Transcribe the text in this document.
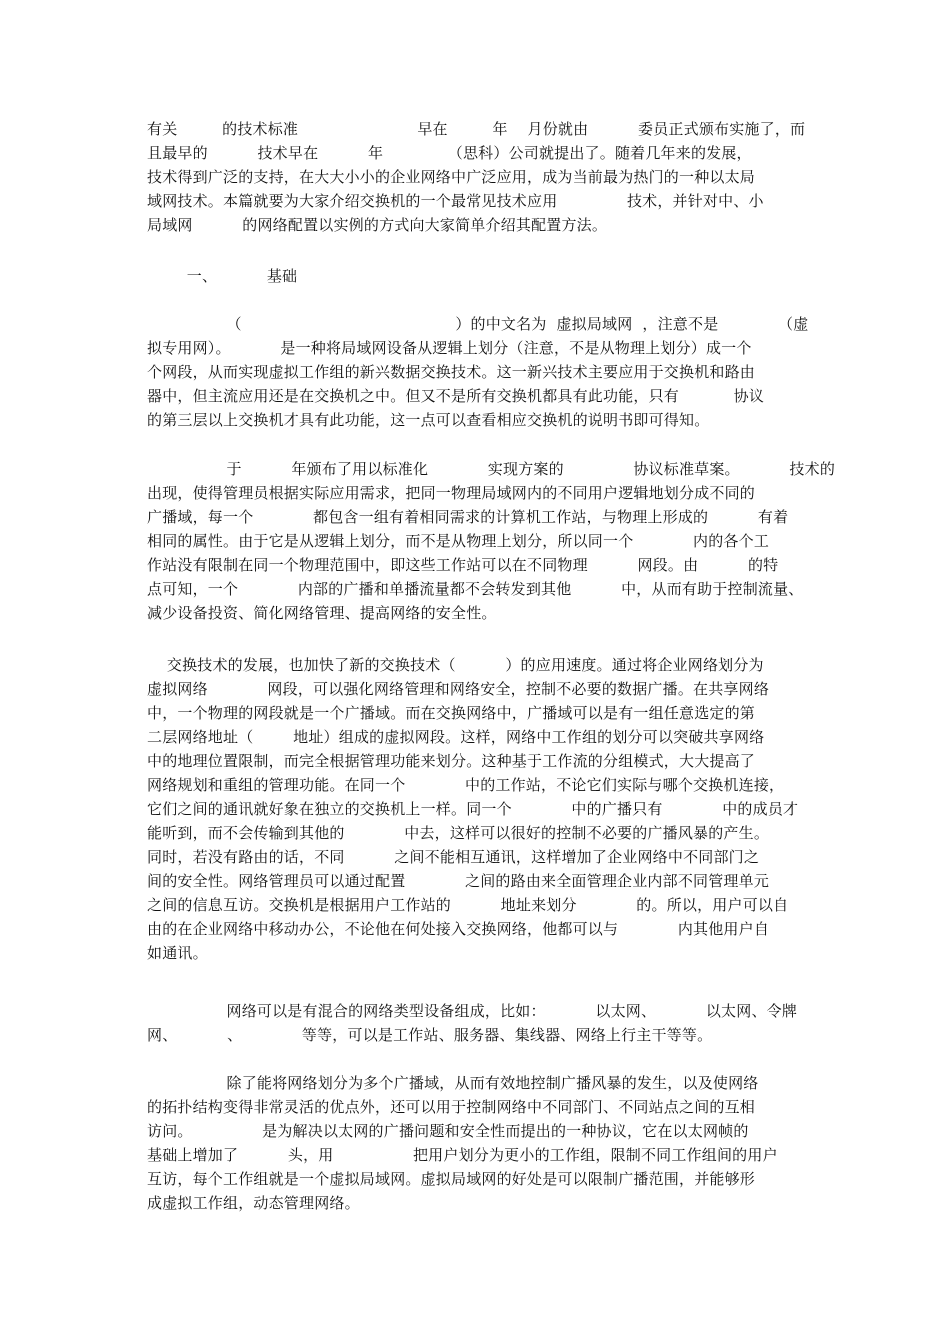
有关         的技术标准                        早在         年    月份就由          委员正式颁布实施了，而
且最早的          技术早在          年             （思科）公司就提出了。随着几年来的发展，
技术得到广泛的支持，在大大小小的企业网络中广泛应用，成为当前最为热门的一种以太局
域网技术。本篇就要为大家介绍交换机的一个最常见技术应用              技术，并针对中、小
局域网          的网络配置以实例的方式向大家简单介绍其配置方法。
一、          基础
（                                           ）的中文名为  虚拟局域网  ，注意不是            （虚
拟专用网）。          是一种将局域网设备从逻辑上划分（注意，不是从物理上划分）成一个
个网段，从而实现虚拟工作组的新兴数据交换技术。这一新兴技术主要应用于交换机和路由
器中，但主流应用还是在交换机之中。但又不是所有交换机都具有此功能，只有           协议
的第三层以上交换机才具有此功能，这一点可以查看相应交换机的说明书即可得知。
于          年颁布了用以标准化            实现方案的              协议标准草案。          技术的
出现，使得管理员根据实际应用需求，把同一物理局域网内的不同用户逻辑地划分成不同的
广播域，每一个            都包含一组有着相同需求的计算机工作站，与物理上形成的          有着
相同的属性。由于它是从逻辑上划分，而不是从物理上划分，所以同一个            内的各个工
作站没有限制在同一个物理范围中，即这些工作站可以在不同物理          网段。由          的特
点可知，一个            内部的广播和单播流量都不会转发到其他          中，从而有助于控制流量、
减少设备投资、简化网络管理、提高网络的安全性。
交换技术的发展，也加快了新的交换技术（          ）的应用速度。通过将企业网络划分为
虚拟网络            网段，可以强化网络管理和网络安全，控制不必要的数据广播。在共享网络
中，一个物理的网段就是一个广播域。而在交换网络中，广播域可以是有一组任意选定的第
二层网络地址（        地址）组成的虚拟网段。这样，网络中工作组的划分可以突破共享网络
中的地理位置限制，而完全根据管理功能来划分。这种基于工作流的分组模式，大大提高了
网络规划和重组的管理功能。在同一个            中的工作站，不论它们实际与哪个交换机连接，
它们之间的通讯就好象在独立的交换机上一样。同一个            中的广播只有            中的成员才
能听到，而不会传输到其他的            中去，这样可以很好的控制不必要的广播风暴的产生。
同时，若没有路由的话，不同          之间不能相互通讯，这样增加了企业网络中不同部门之
间的安全性。网络管理员可以通过配置            之间的路由来全面管理企业内部不同管理单元
之间的信息互访。交换机是根据用户工作站的          地址来划分            的。所以，用户可以自
由的在企业网络中移动办公，不论他在何处接入交换网络，他都可以与            内其他用户自
如通讯。
网络可以是有混合的网络类型设备组成，比如：          以太网、          以太网、令牌
网、          、            等等，可以是工作站、服务器、集线器、网络上行主干等等。
除了能将网络划分为多个广播域，从而有效地控制广播风暴的发生，以及使网络
的拓扑结构变得非常灵活的优点外，还可以用于控制网络中不同部门、不同站点之间的互相
访问。              是为解决以太网的广播问题和安全性而提出的一种协议，它在以太网帧的
基础上增加了          头，用                把用户划分为更小的工作组，限制不同工作组间的用户
互访，每个工作组就是一个虚拟局域网。虚拟局域网的好处是可以限制广播范围，并能够形
成虚拟工作组，动态管理网络。
